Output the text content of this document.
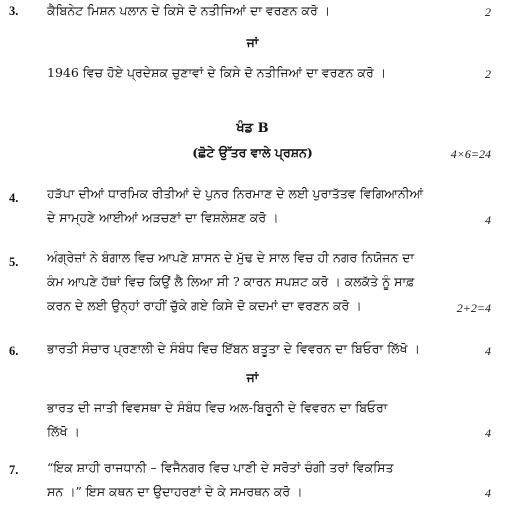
3. ਕੈਬਿਨੇਟ ਮਿਸ਼ਨ ਪਲਾਨ ਦੇ ਕਿਸੇ ਦੋ ਨਤੀਜਿਆਂ ਦਾ ਵਰਣਨ ਕਰੋ ।	2
ਜਾਂ
1946 ਵਿਚ ਹੋਏ ਪ੍ਰਦੇਸ਼ਕ ਚੁਣਾਵਾਂ ਦੇ ਕਿਸੇ ਦੋ ਨਤੀਜਿਆਂ ਦਾ ਵਰਣਨ ਕਰੋ ।	2
ਖੰਡ B
(ਛੋਟੇ ਉੱਤਰ ਵਾਲੇ ਪ੍ਰਸ਼ਨ)	4×6=24
4. ਹੜੱਪਾ ਦੀਆਂ ਧਾਰਮਿਕ ਰੀਤੀਆਂ ਦੇ ਪੁਨਰ ਨਿਰਮਾਣ ਦੇ ਲਈ ਪੁਰਾਤੱਤਵ ਵਿਗਿਆਨੀਆਂ
ਦੇ ਸਾਮ੍ਹਣੇ ਆਈਆਂ ਅੜਚਣਾਂ ਦਾ ਵਿਸ਼ਲੇਸ਼ਣ ਕਰੋ ।	4
5. ਅੰਗ੍ਰੇਜ਼ਾਂ ਨੇ ਬੰਗਾਲ ਵਿਚ ਆਪਣੇ ਸ਼ਾਸਨ ਦੇ ਮੁੱਢ ਦੇ ਸਾਲ ਵਿਚ ਹੀ ਨਗਰ ਨਿਯੋਜਨ ਦਾ
ਕੰਮ ਆਪਣੇ ਹੱਥਾਂ ਵਿਚ ਕਿਉਂ ਲੈ ਲਿਆ ਸੀ ? ਕਾਰਨ ਸਪਸ਼ਟ ਕਰੋ । ਕਲਕੱਤੇ ਨੂੰ ਸਾਫ਼
ਕਰਨ ਦੇ ਲਈ ਉਨ੍ਹਾਂ ਰਾਹੀਂ ਚੁੱਕੇ ਗਏ ਕਿਸੇ ਦੋ ਕਦਮਾਂ ਦਾ ਵਰਣਨ ਕਰੋ ।	2+2=4
6. ਭਾਰਤੀ ਸੰਚਾਰ ਪ੍ਰਣਾਲੀ ਦੇ ਸੰਬੰਧ ਵਿਚ ਇੱਬਨ ਬਤੂਤਾ ਦੇ ਵਿਵਰਨ ਦਾ ਬਿਓਰਾ ਲਿੱਖੋ ।	4
ਜਾਂ
ਭਾਰਤ ਦੀ ਜਾਤੀ ਵਿਵਸਥਾ ਦੇ ਸੰਬੰਧ ਵਿਚ ਅਲ-ਬਿਰੂਨੀ ਦੇ ਵਿਵਰਨ ਦਾ ਬਿਓਰਾ
ਲਿੱਖੋ ।	4
7. “ਇਕ ਸ਼ਾਹੀ ਰਾਜਧਾਨੀ – ਵਿਜੈਨਗਰ ਵਿਚ ਪਾਣੀ ਦੇ ਸਰੋਤਾਂ ਚੰਗੀ ਤਰਾਂ ਵਿਕਸਿਤ
ਸਨ ।” ਇਸ ਕਥਨ ਦਾ ਉਦਾਹਰਣਾਂ ਦੇ ਕੇ ਸਮਰਥਨ ਕਰੋ ।	4
